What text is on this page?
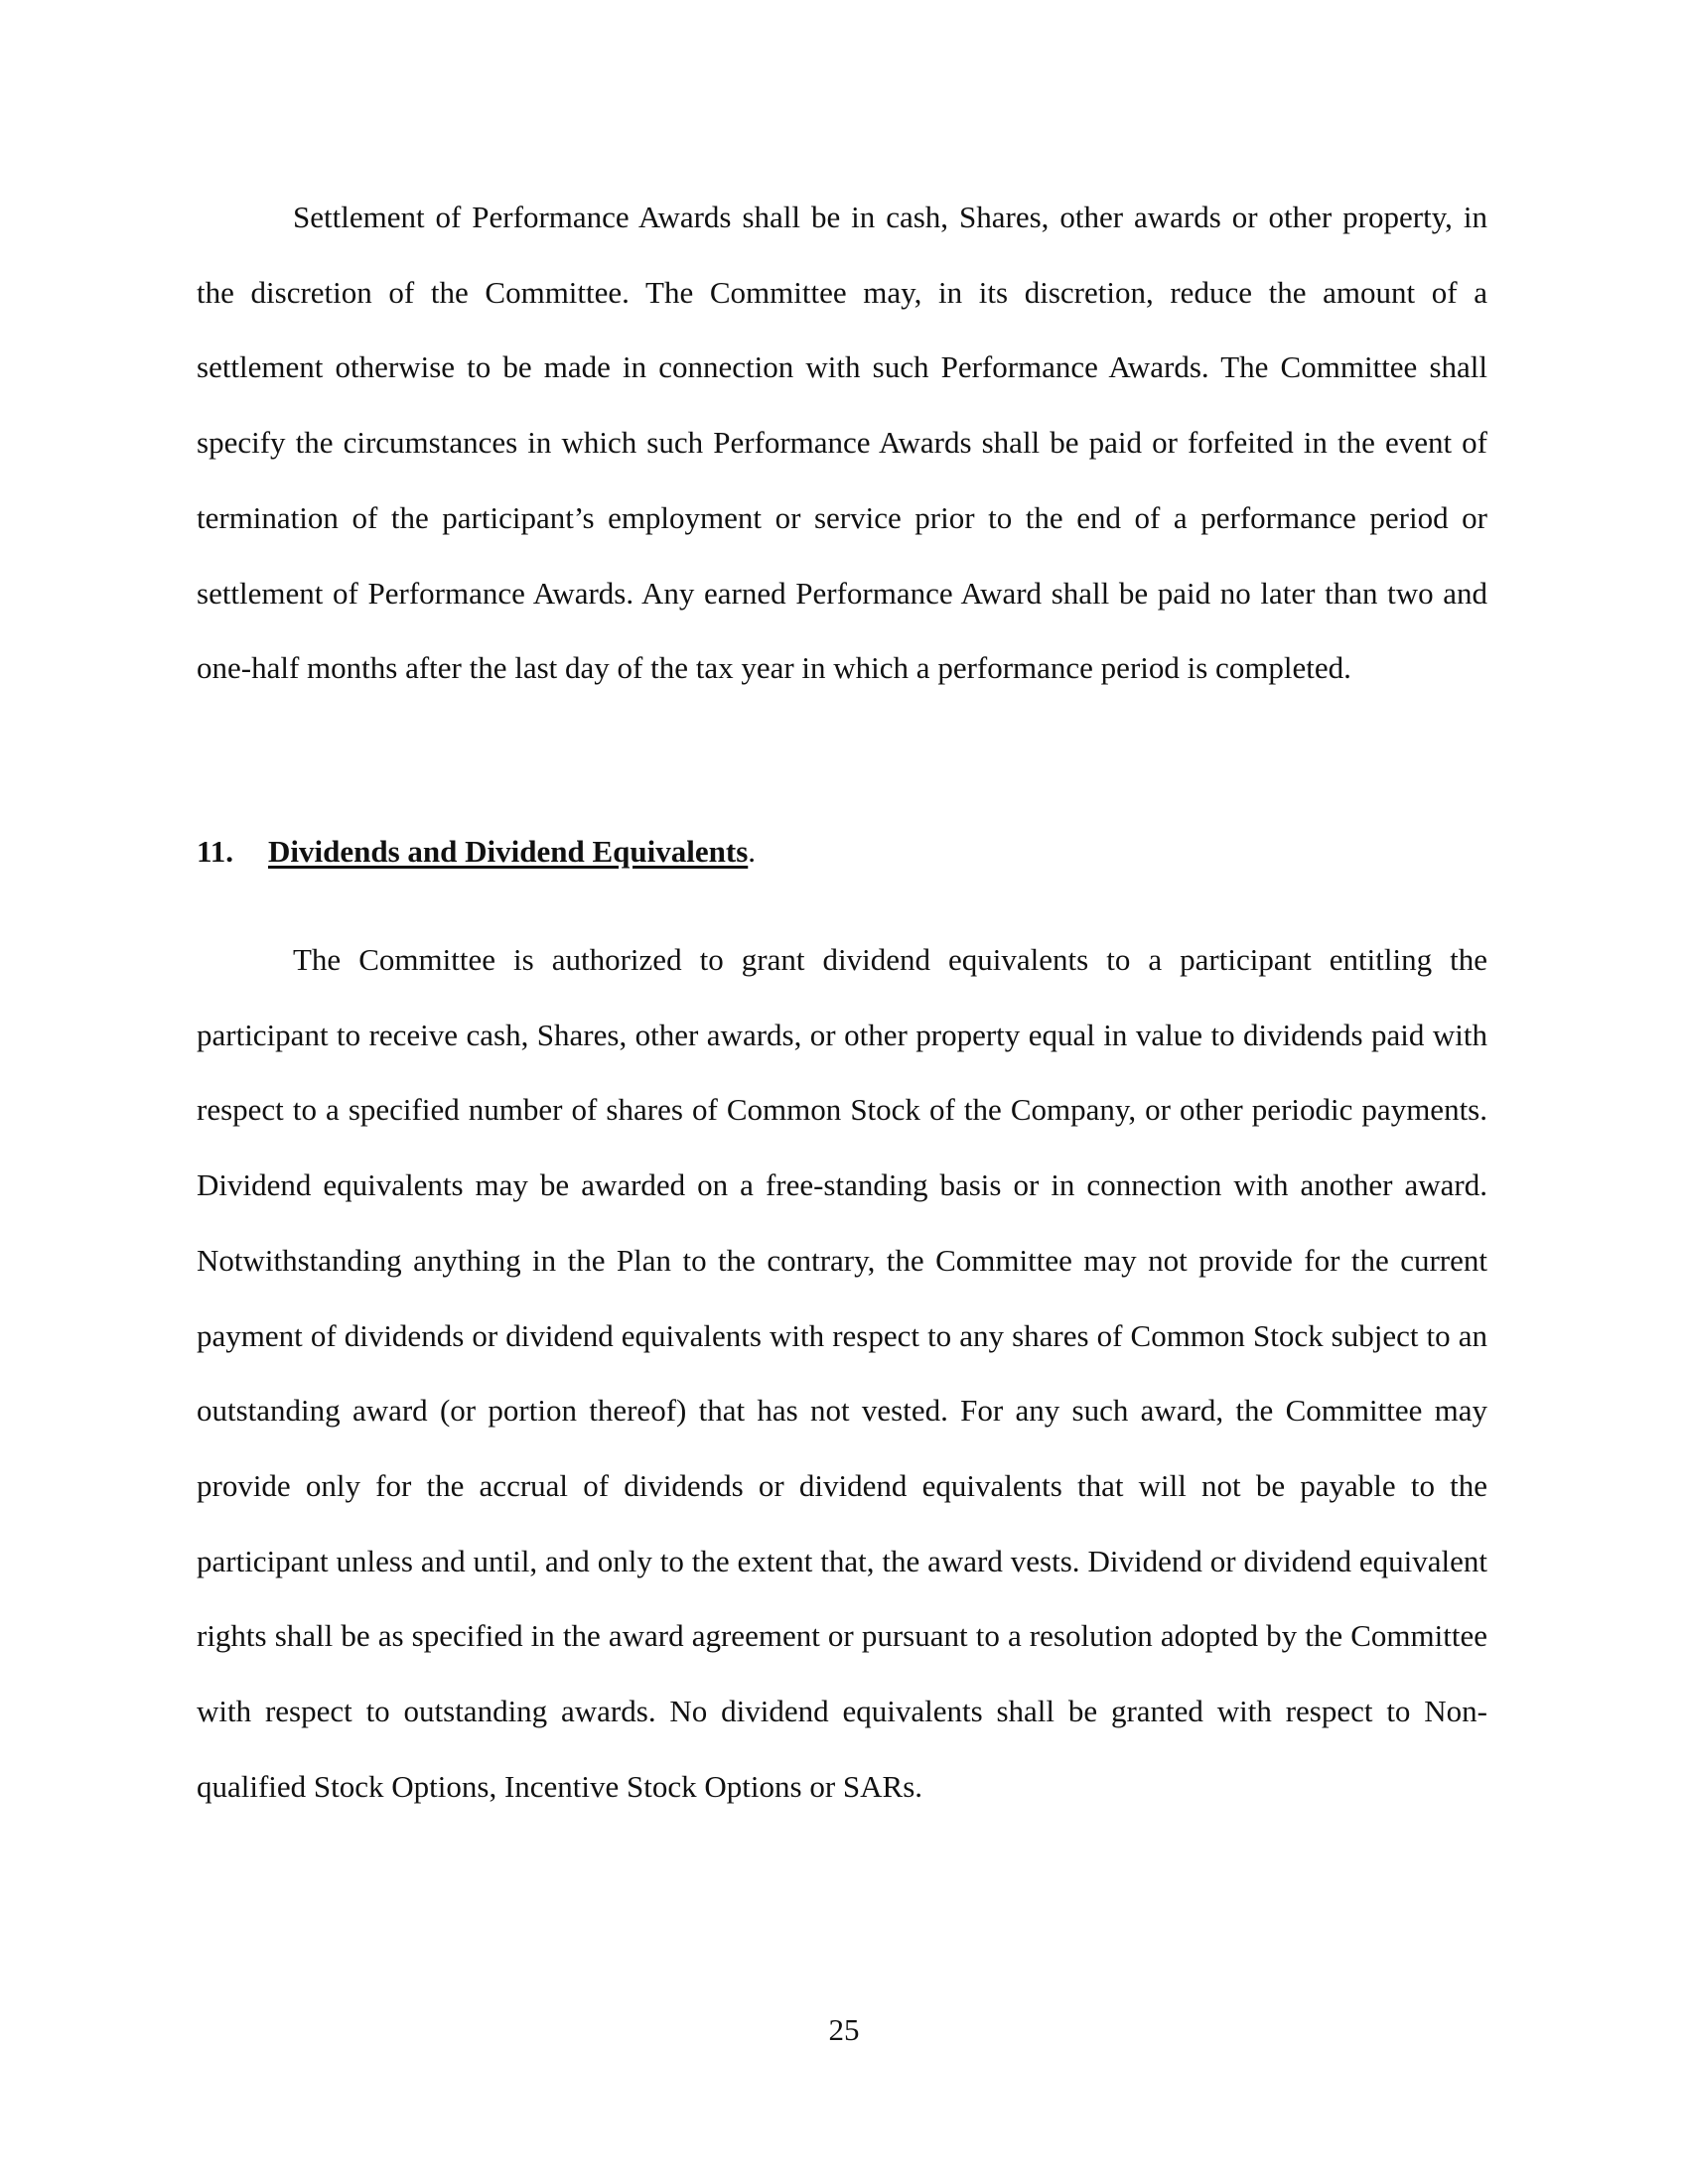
Settlement of Performance Awards shall be in cash, Shares, other awards or other property, in the discretion of the Committee. The Committee may, in its discretion, reduce the amount of a settlement otherwise to be made in connection with such Performance Awards. The Committee shall specify the circumstances in which such Performance Awards shall be paid or forfeited in the event of termination of the participant’s employment or service prior to the end of a performance period or settlement of Performance Awards. Any earned Performance Award shall be paid no later than two and one-half months after the last day of the tax year in which a performance period is completed.

11. Dividends and Dividend Equivalents.

The Committee is authorized to grant dividend equivalents to a participant entitling the participant to receive cash, Shares, other awards, or other property equal in value to dividends paid with respect to a specified number of shares of Common Stock of the Company, or other periodic payments. Dividend equivalents may be awarded on a free-standing basis or in connection with another award. Notwithstanding anything in the Plan to the contrary, the Committee may not provide for the current payment of dividends or dividend equivalents with respect to any shares of Common Stock subject to an outstanding award (or portion thereof) that has not vested. For any such award, the Committee may provide only for the accrual of dividends or dividend equivalents that will not be payable to the participant unless and until, and only to the extent that, the award vests. Dividend or dividend equivalent rights shall be as specified in the award agreement or pursuant to a resolution adopted by the Committee with respect to outstanding awards. No dividend equivalents shall be granted with respect to Non-qualified Stock Options, Incentive Stock Options or SARs.

25
